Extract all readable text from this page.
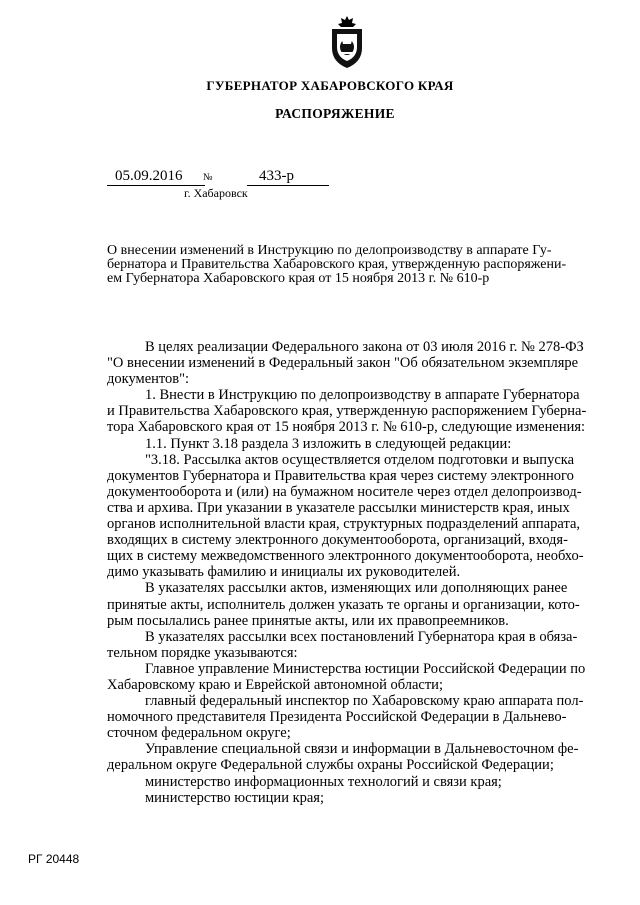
ГУБЕРНАТОР ХАБАРОВСКОГО КРАЯ
РАСПОРЯЖЕНИЕ
05.09.2016	№	433-р
г. Хабаровск
О внесении изменений в Инструкцию по делопроизводству в аппарате Гу-
бернатора и Правительства Хабаровского края, утвержденную распоряжени-
ем Губернатора Хабаровского края от 15 ноября 2013 г. № 610-р
В целях реализации Федерального закона от 03 июля 2016 г. № 278-ФЗ
"О внесении изменений в Федеральный закон "Об обязательном экземпляре
документов":
1. Внести в Инструкцию по делопроизводству в аппарате Губернатора
и Правительства Хабаровского края, утвержденную распоряжением Губерна-
тора Хабаровского края от 15 ноября 2013 г. № 610-р, следующие изменения:
1.1. Пункт 3.18 раздела 3 изложить в следующей редакции:
"3.18. Рассылка актов осуществляется отделом подготовки и выпуска
документов Губернатора и Правительства края через систему электронного
документооборота и (или) на бумажном носителе через отдел делопроизвод-
ства и архива. При указании в указателе рассылки министерств края, иных
органов исполнительной власти края, структурных подразделений аппарата,
входящих в систему электронного документооборота, организаций, входя-
щих в систему межведомственного электронного документооборота, необхо-
димо указывать фамилию и инициалы их руководителей.
В указателях рассылки актов, изменяющих или дополняющих ранее
принятые акты, исполнитель должен указать те органы и организации, кото-
рым посылались ранее принятые акты, или их правопреемников.
В указателях рассылки всех постановлений Губернатора края в обяза-
тельном порядке указываются:
Главное управление Министерства юстиции Российской Федерации по
Хабаровскому краю и Еврейской автономной области;
главный федеральный инспектор по Хабаровскому краю аппарата пол-
номочного представителя Президента Российской Федерации в Дальнево-
сточном федеральном округе;
Управление специальной связи и информации в Дальневосточном фе-
деральном округе Федеральной службы охраны Российской Федерации;
министерство информационных технологий и связи края;
министерство юстиции края;
РГ 20448
